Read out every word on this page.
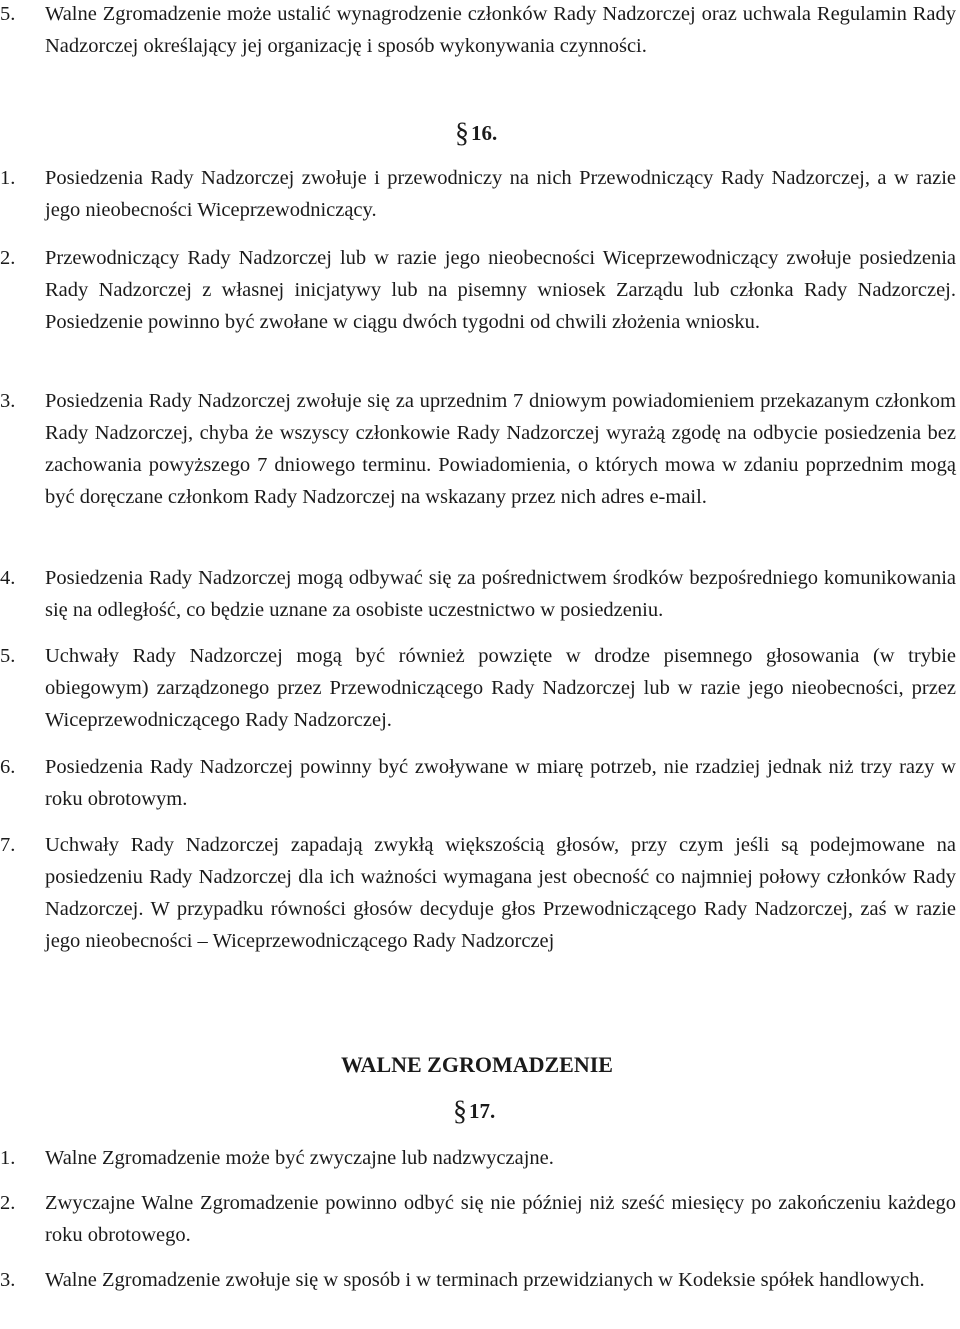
5. Walne Zgromadzenie może ustalić wynagrodzenie członków Rady Nadzorczej oraz uchwala Regulamin Rady Nadzorczej określający jej organizację i sposób wykonywania czynności.
§16.
1. Posiedzenia Rady Nadzorczej zwołuje i przewodniczy na nich Przewodniczący Rady Nadzorczej, a w razie jego nieobecności Wiceprzewodniczący.
2. Przewodniczący Rady Nadzorczej lub w razie jego nieobecności Wiceprzewodniczący zwołuje posiedzenia Rady Nadzorczej z własnej inicjatywy lub na pisemny wniosek Zarządu lub członka Rady Nadzorczej. Posiedzenie powinno być zwołane w ciągu dwóch tygodni od chwili złożenia wniosku.
3. Posiedzenia Rady Nadzorczej zwołuje się za uprzednim 7 dniowym powiadomieniem przekazanym członkom Rady Nadzorczej, chyba że wszyscy członkowie Rady Nadzorczej wyrażą zgodę na odbycie posiedzenia bez zachowania powyższego 7 dniowego terminu. Powiadomienia, o których mowa w zdaniu poprzednim mogą być doręczane członkom Rady Nadzorczej na wskazany przez nich adres e-mail.
4. Posiedzenia Rady Nadzorczej mogą odbywać się za pośrednictwem środków bezpośredniego komunikowania się na odległość, co będzie uznane za osobiste uczestnictwo w posiedzeniu.
5. Uchwały Rady Nadzorczej mogą być również powzięte w drodze pisemnego głosowania (w trybie obiegowym) zarządzonego przez Przewodniczącego Rady Nadzorczej lub w razie jego nieobecności, przez Wiceprzewodniczącego Rady Nadzorczej.
6. Posiedzenia Rady Nadzorczej powinny być zwoływane w miarę potrzeb, nie rzadziej jednak niż trzy razy w roku obrotowym.
7. Uchwały Rady Nadzorczej zapadają zwykłą większością głosów, przy czym jeśli są podejmowane na posiedzeniu Rady Nadzorczej dla ich ważności wymagana jest obecność co najmniej połowy członków Rady Nadzorczej. W przypadku równości głosów decyduje głos Przewodniczącego Rady Nadzorczej, zaś w razie jego nieobecności – Wiceprzewodniczącego Rady Nadzorczej
WALNE ZGROMADZENIE
§17.
1. Walne Zgromadzenie może być zwyczajne lub nadzwyczajne.
2. Zwyczajne Walne Zgromadzenie powinno odbyć się nie później niż sześć miesięcy po zakończeniu każdego roku obrotowego.
3. Walne Zgromadzenie zwołuje się w sposób i w terminach przewidzianych w Kodeksie spółek handlowych.
